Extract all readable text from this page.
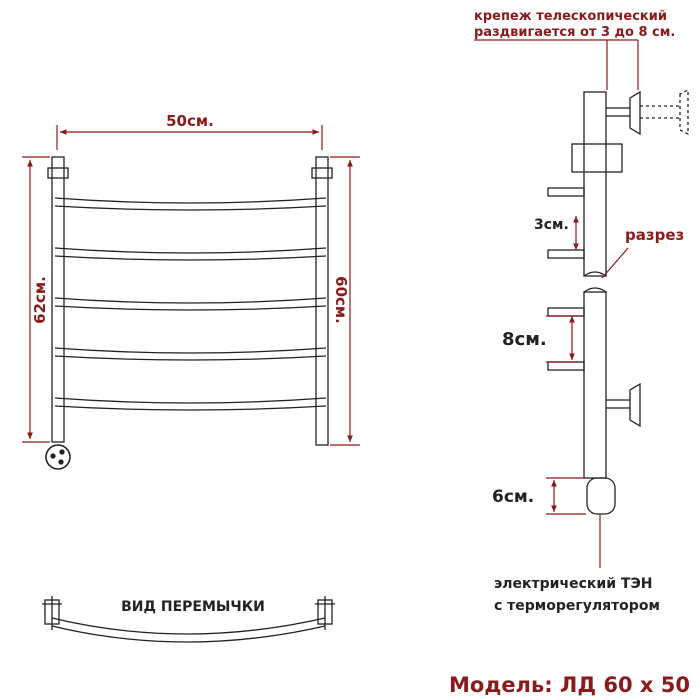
50см.
62см.	60см.
ВИД ПЕРЕМЫЧКИ
крепеж телескопический
раздвигается от 3 до 8 см.
разрез
3см.
8см.
6см.
электрический ТЭН
с терморегулятором
Модель: ЛД 60 х 50
